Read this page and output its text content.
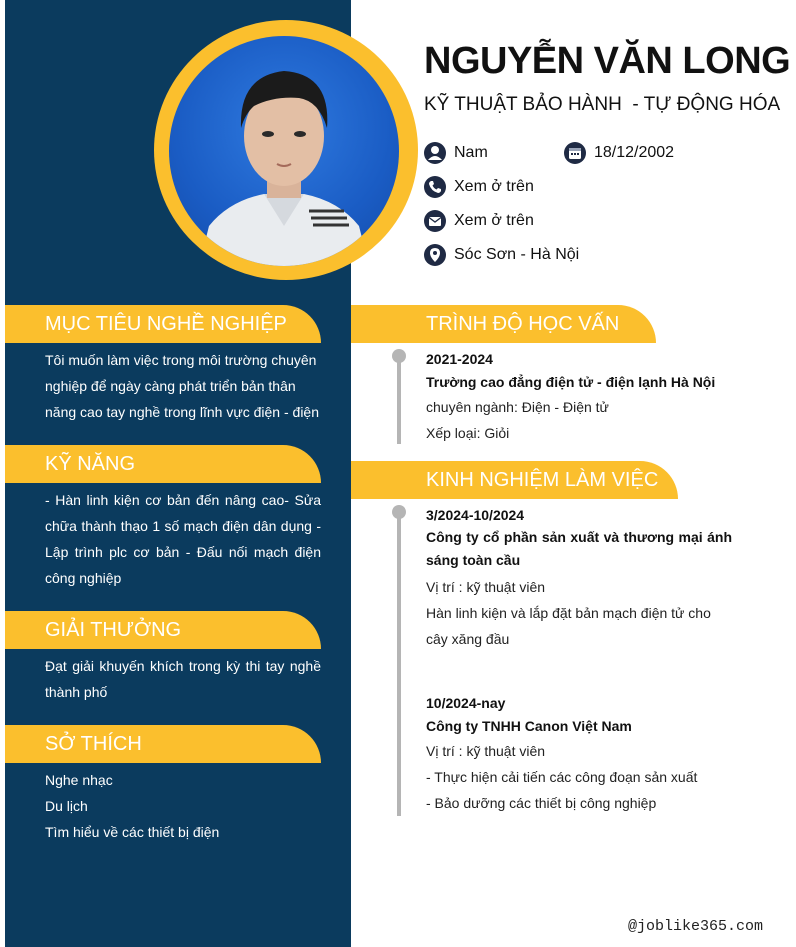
NGUYỄN VĂN LONG
KỸ THUẬT BẢO HÀNH  - TỰ ĐỘNG HÓA
Nam	18/12/2002
Xem ở trên
Xem ở trên
Sóc Sơn - Hà Nội
MỤC TIÊU NGHỀ NGHIỆP
Tôi muốn làm việc trong môi trường chuyên
nghiệp để ngày càng phát triển bản thân
năng cao tay nghề trong lĩnh vực điện - điện
KỸ NĂNG
- Hàn linh kiện cơ bản đến nâng cao- Sửa chữa thành thạo 1 số mạch điện dân dụng - Lập trình plc cơ bản - Đấu nối mạch điện công nghiệp
GIẢI THƯỞNG
Đạt giải khuyến khích trong kỳ thi tay nghề thành phố
SỞ THÍCH
Nghe nhạc
Du lịch
Tìm hiểu về các thiết bị điện
TRÌNH ĐỘ HỌC VẤN
2021-2024
Trường cao đẳng điện tử - điện lạnh Hà Nội
chuyên ngành: Điện - Điện tử
Xếp loại: Giỏi
KINH NGHIỆM LÀM VIỆC
3/2024-10/2024
Công ty cổ phần sản xuất và thương mại ánh sáng toàn cầu
Vị trí : kỹ thuật viên
Hàn linh kiện và lắp đặt bản mạch điện tử cho
cây xăng đầu
10/2024-nay
Công ty TNHH Canon Việt Nam
Vị trí : kỹ thuật viên
- Thực hiện cải tiến các công đoạn sản xuất
- Bảo dưỡng các thiết bị công nghiệp
@joblike365.com
